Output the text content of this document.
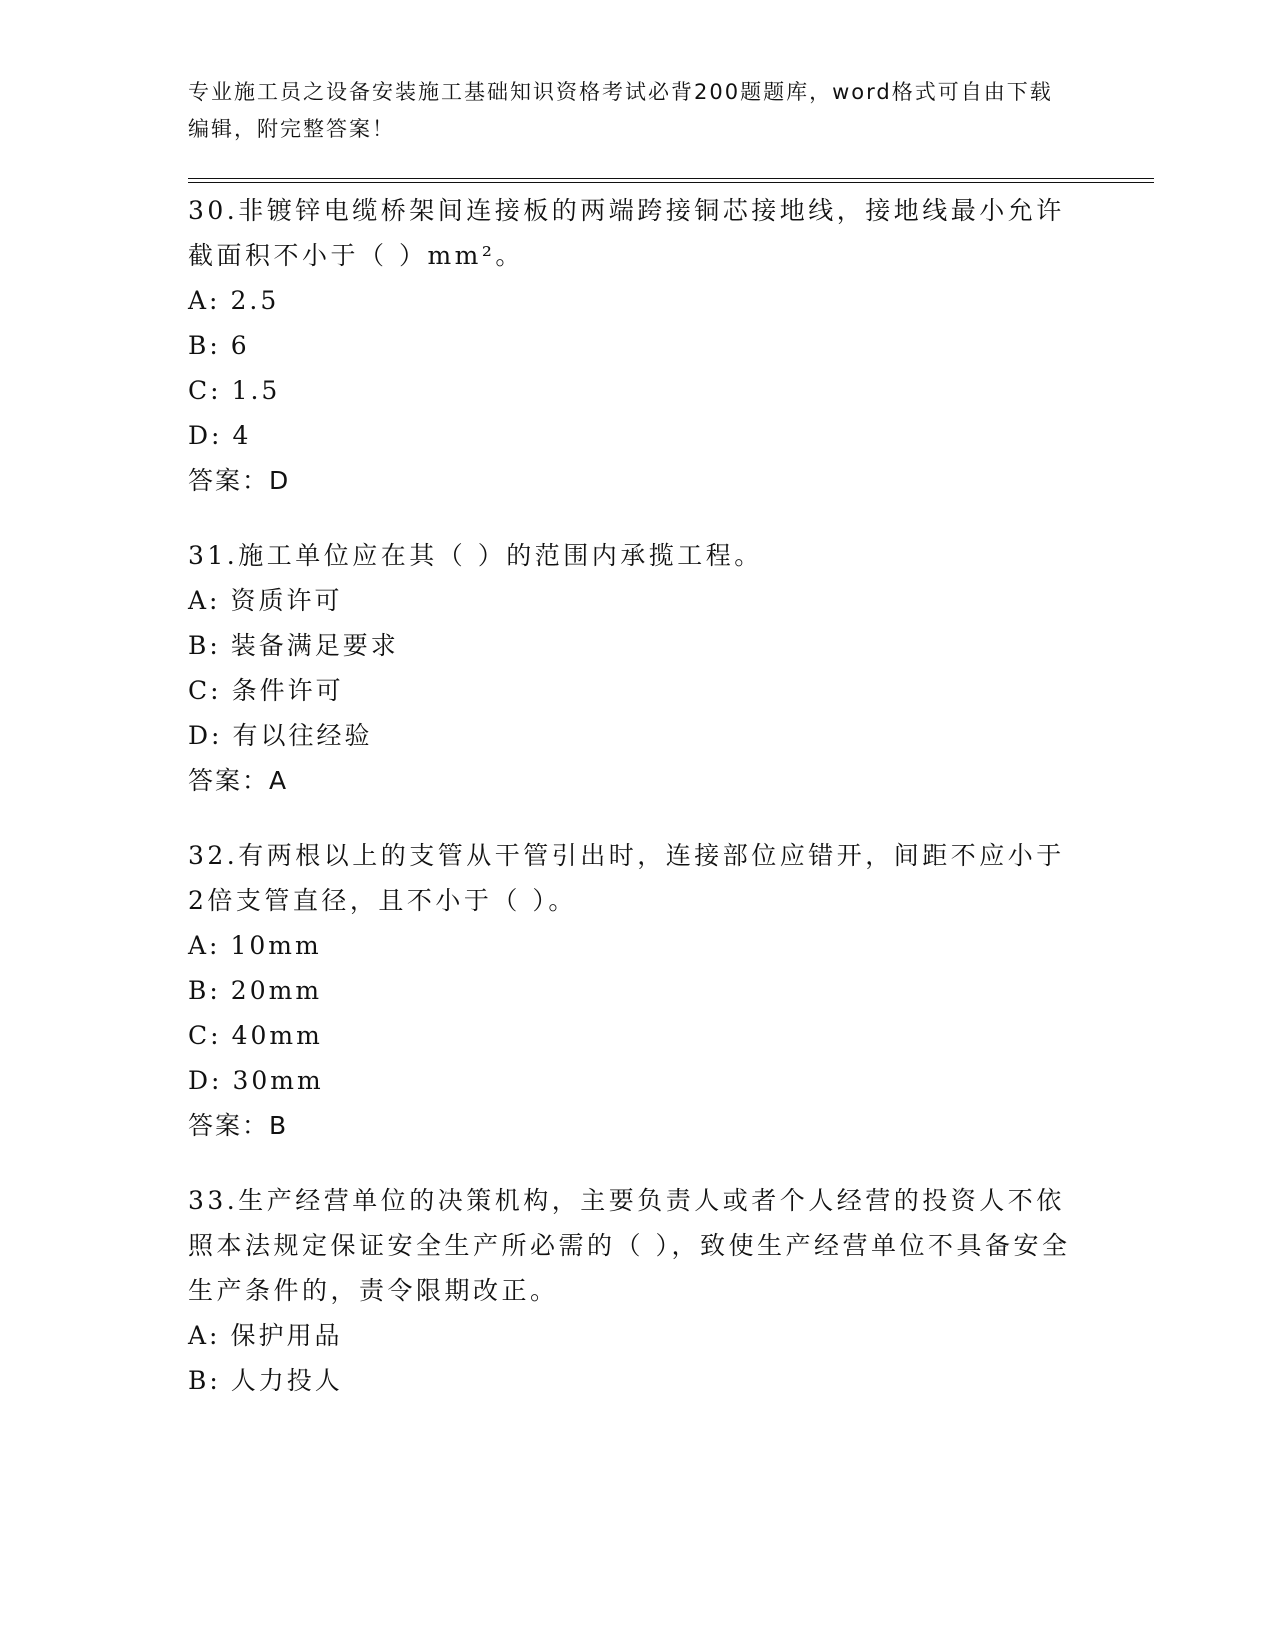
专业施工员之设备安装施工基础知识资格考试必背200题题库，word格式可自由下载编辑，附完整答案！

30.非镀锌电缆桥架间连接板的两端跨接铜芯接地线，接地线最小允许截面积不小于（ ）mm²。

A: 2.5

B: 6

C: 1.5

D: 4

答案：D

31.施工单位应在其（ ）的范围内承揽工程。

A: 资质许可

B: 装备满足要求

C: 条件许可

D: 有以往经验

答案：A

32.有两根以上的支管从干管引出时，连接部位应错开，间距不应小于2倍支管直径，且不小于（ ）。

A: 10mm

B: 20mm

C: 40mm

D: 30mm

答案：B

33.生产经营单位的决策机构，主要负责人或者个人经营的投资人不依照本法规定保证安全生产所必需的（ ），致使生产经营单位不具备安全生产条件的，责令限期改正。

A: 保护用品

B: 人力投人
